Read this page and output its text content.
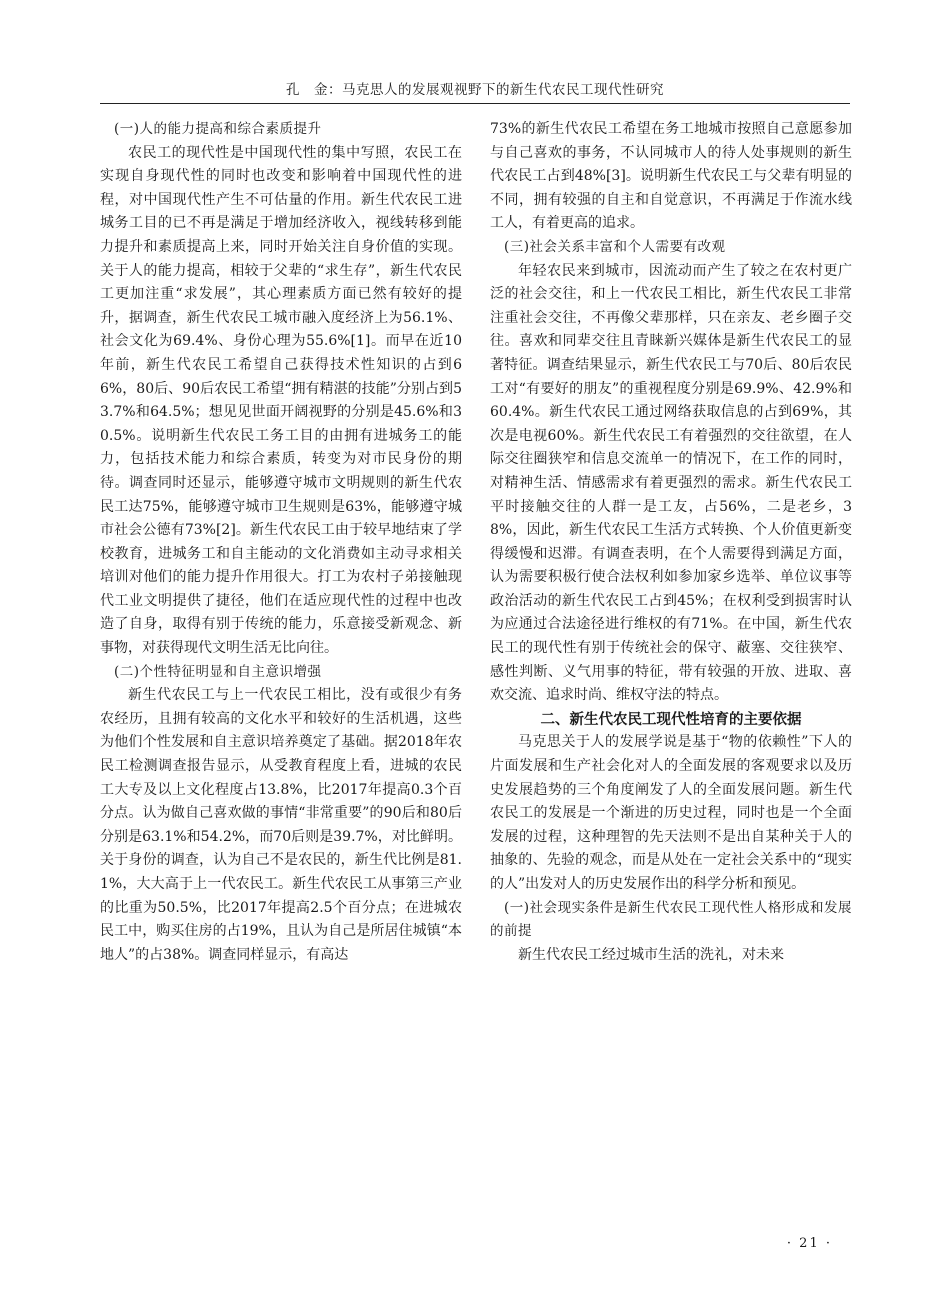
孔　金：马克思人的发展观视野下的新生代农民工现代性研究
(一)人的能力提高和综合素质提升

农民工的现代性是中国现代性的集中写照，农民工在实现自身现代性的同时也改变和影响着中国现代性的进程，对中国现代性产生不可估量的作用。新生代农民工进城务工目的已不再是满足于增加经济收入，视线转移到能力提升和素质提高上来，同时开始关注自身价值的实现。关于人的能力提高，相较于父辈的“求生存”，新生代农民工更加注重“求发展”，其心理素质方面已然有较好的提升，据调查，新生代农民工城市融入度经济上为56.1%、社会文化为69.4%、身份心理为55.6%[1]。而早在近10年前，新生代农民工希望自己获得技术性知识的占到66%，80后、90后农民工希望“拥有精湛的技能”分别占到53.7%和64.5%；想见见世面开阔视野的分别是45.6%和30.5%。说明新生代农民工务工目的由拥有进城务工的能力，包括技术能力和综合素质，转变为对市民身份的期待。调查同时还显示，能够遵守城市文明规则的新生代农民工达75%，能够遵守城市卫生规则是63%，能够遵守城市社会公德有73%[2]。新生代农民工由于较早地结束了学校教育，进城务工和自主能动的文化消费如主动寻求相关培训对他们的能力提升作用很大。打工为农村子弟接触现代工业文明提供了捷径，他们在适应现代性的过程中也改造了自身，取得有别于传统的能力，乐意接受新观念、新事物，对获得现代文明生活无比向往。

(二)个性特征明显和自主意识增强

新生代农民工与上一代农民工相比，没有或很少有务农经历，且拥有较高的文化水平和较好的生活机遇，这些为他们个性发展和自主意识培养奠定了基础。据2018年农民工检测调查报告显示，从受教育程度上看，进城的农民工大专及以上文化程度占13.8%，比2017年提高0.3个百分点。认为做自己喜欢做的事情“非常重要”的90后和80后分别是63.1%和54.2%，而70后则是39.7%，对比鲜明。关于身份的调查，认为自己不是农民的，新生代比例是81.1%，大大高于上一代农民工。新生代农民工从事第三产业的比重为50.5%，比2017年提高2.5个百分点；在进城农民工中，购买住房的占19%，且认为自己是所居住城镇“本地人”的占38%。调查同样显示，有高达

73%的新生代农民工希望在务工地城市按照自己意愿参加与自己喜欢的事务，不认同城市人的待人处事规则的新生代农民工占到48%[3]。说明新生代农民工与父辈有明显的不同，拥有较强的自主和自觉意识，不再满足于作流水线工人，有着更高的追求。

(三)社会关系丰富和个人需要有改观

年轻农民来到城市，因流动而产生了较之在农村更广泛的社会交往，和上一代农民工相比，新生代农民工非常注重社会交往，不再像父辈那样，只在亲友、老乡圈子交往。喜欢和同辈交往且青睐新兴媒体是新生代农民工的显著特征。调查结果显示，新生代农民工与70后、80后农民工对“有要好的朋友”的重视程度分别是69.9%、42.9%和60.4%。新生代农民工通过网络获取信息的占到69%，其次是电视60%。新生代农民工有着强烈的交往欲望，在人际交往圈狭窄和信息交流单一的情况下，在工作的同时，对精神生活、情感需求有着更强烈的需求。新生代农民工平时接触交往的人群一是工友，占56%，二是老乡，38%，因此，新生代农民工生活方式转换、个人价值更新变得缓慢和迟滞。有调查表明，在个人需要得到满足方面，认为需要积极行使合法权利如参加家乡选举、单位议事等政治活动的新生代农民工占到45%；在权利受到损害时认为应通过合法途径进行维权的有71%。在中国，新生代农民工的现代性有别于传统社会的保守、蔽塞、交往狭窄、感性判断、义气用事的特征，带有较强的开放、进取、喜欢交流、追求时尚、维权守法的特点。

二、新生代农民工现代性培育的主要依据

马克思关于人的发展学说是基于“物的依赖性”下人的片面发展和生产社会化对人的全面发展的客观要求以及历史发展趋势的三个角度阐发了人的全面发展问题。新生代农民工的发展是一个渐进的历史过程，同时也是一个全面发展的过程，这种理智的先天法则不是出自某种关于人的抽象的、先验的观念，而是从处在一定社会关系中的“现实的人”出发对人的历史发展作出的科学分析和预见。

(一)社会现实条件是新生代农民工现代性人格形成和发展的前提

新生代农民工经过城市生活的洗礼，对未来

· 21 ·
